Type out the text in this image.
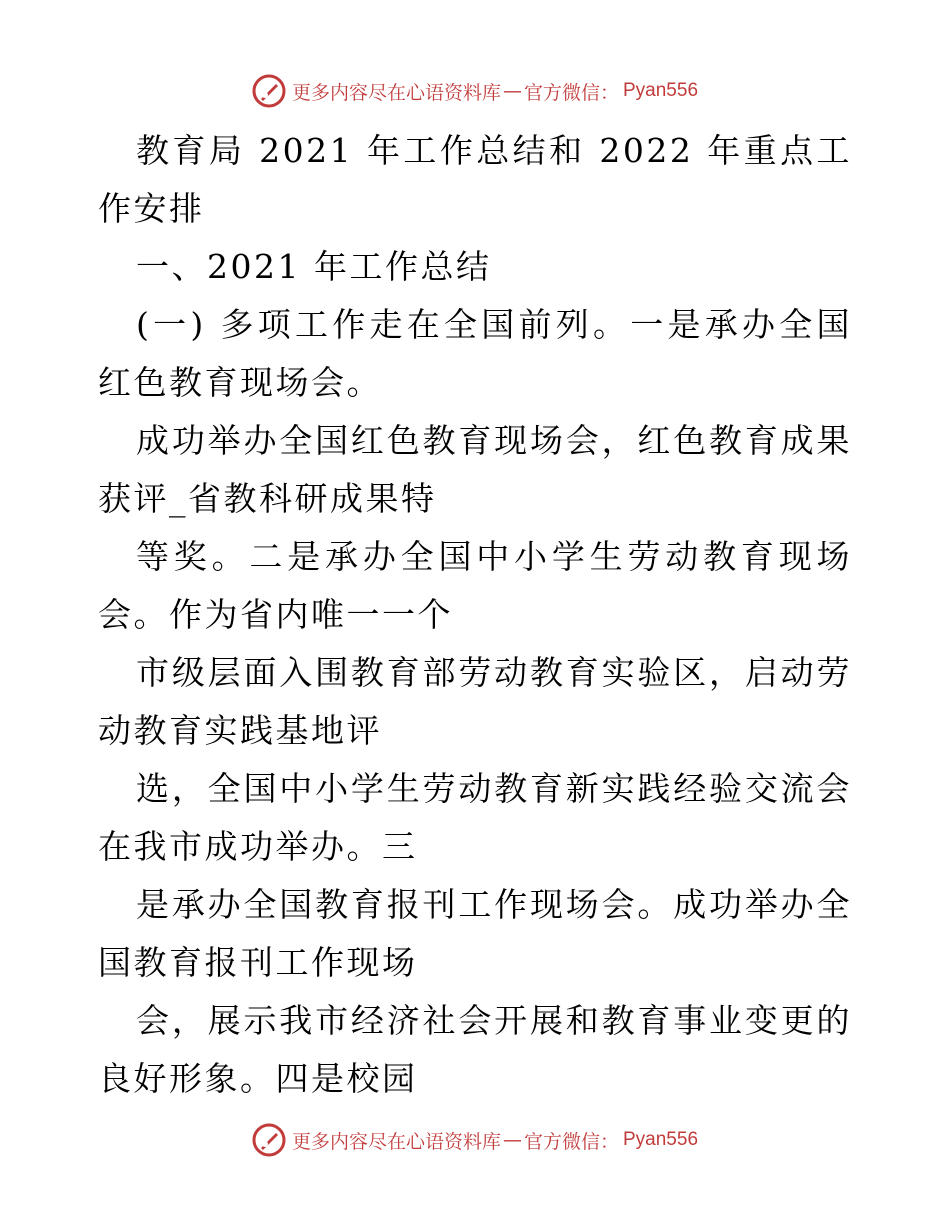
更多内容尽在心语资料库 — 官方微信： Pyan556

教育局 2021 年工作总结和 2022 年重点工作安排

一、2021 年工作总结

(一) 多项工作走在全国前列。一是承办全国红色教育现场会。

成功举办全国红色教育现场会，红色教育成果获评_省教科研成果特

等奖。二是承办全国中小学生劳动教育现场会。作为省内唯一一个

市级层面入围教育部劳动教育实验区，启动劳动教育实践基地评

选，全国中小学生劳动教育新实践经验交流会在我市成功举办。三

是承办全国教育报刊工作现场会。成功举办全国教育报刊工作现场

会，展示我市经济社会开展和教育事业变更的良好形象。四是校园

更多内容尽在心语资料库 — 官方微信： Pyan556
